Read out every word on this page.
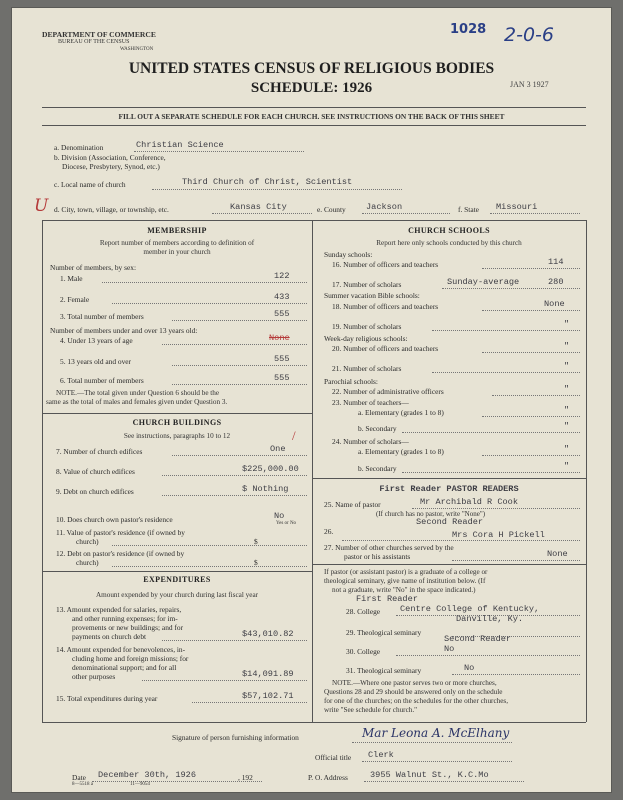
DEPARTMENT OF COMMERCE
BUREAU OF THE CENSUS
WASHINGTON
1028 2-0-6
JAN 3 1927
UNITED STATES CENSUS OF RELIGIOUS BODIES
SCHEDULE: 1926
FILL OUT A SEPARATE SCHEDULE FOR EACH CHURCH. SEE INSTRUCTIONS ON THE BACK OF THIS SHEET
a. Denomination	Christian Science
b. Division (Association, Conference,
Diocese, Presbytery, Synod, etc.)
c. Local name of church	Third Church of Christ, Scientist
U d. City, town, village, or township, etc.	Kansas City	e. County Jackson	f. State Missouri
MEMBERSHIP
Report number of members according to definition of
member in your church
Number of members, by sex:
1. Male	122
2. Female	433
3. Total number of members	555
Number of members under and over 13 years old:
4. Under 13 years of age	None
5. 13 years old and over	555
6. Total number of members	555
NOTE.—The total given under Question 6 should be the
same as the total of males and females given under Question 3.
CHURCH BUILDINGS
See instructions, paragraphs 10 to 12	/
7. Number of church edifices	One
8. Value of church edifices	$225,000.00
9. Debt on church edifices	$ Nothing
10. Does church own pastor's residence	No
Yes or No
11. Value of pastor's residence (if owned by
church)	$
12. Debt on pastor's residence (if owned by
church)	$
EXPENDITURES
Amount expended by your church during last fiscal year
13. Amount expended for salaries, repairs,
and other running expenses; for im-
provements or new buildings; and for
payments on church debt	$43,010.82
14. Amount expended for benevolences, in-
cluding home and foreign missions; for
denominational support; and for all
other purposes	$14,091.89
15. Total expenditures during year	$57,102.71
CHURCH SCHOOLS
Report here only schools conducted by this church
Sunday schools:
16. Number of officers and teachers	114
17. Number of scholars	Sunday-average	280
Summer vacation Bible schools:
18. Number of officers and teachers	None
19. Number of scholars	"
Week-day religious schools:
20. Number of officers and teachers	"
21. Number of scholars	"
Parochial schools:
22. Number of administrative officers	"
23. Number of teachers—
a. Elementary (grades 1 to 8)	"
b. Secondary	"
24. Number of scholars—
a. Elementary (grades 1 to 8)	"
b. Secondary	"
First Reader PASTOR READERS
25. Name of pastor	Mr Archibald R Cook
(If church has no pastor, write "None")
Second Reader
26.	Mrs Cora H Pickell
27. Number of other churches served by the
pastor or his assistants	None
If pastor (or assistant pastor) is a graduate of a college or
theological seminary, give name of institution below. (If
not a graduate, write "No" in the space indicated.)
First Reader
28. College Centre College of Kentucky,
Danville, Ky.
29. Theological seminary
Second Reader
30. College	No
31. Theological seminary	No
NOTE.—Where one pastor serves two or more churches,
Questions 28 and 29 should be answered only on the schedule
for one of the churches; on the schedules for the other churches,
write "See schedule for church."
Signature of person furnishing information	Mar Leona A. McElhany
Official title Clerk
Date December 30th, 1926	, 192	P. O. Address	3955 Walnut St., K.C.Mo
8—5518 a	11—9054
